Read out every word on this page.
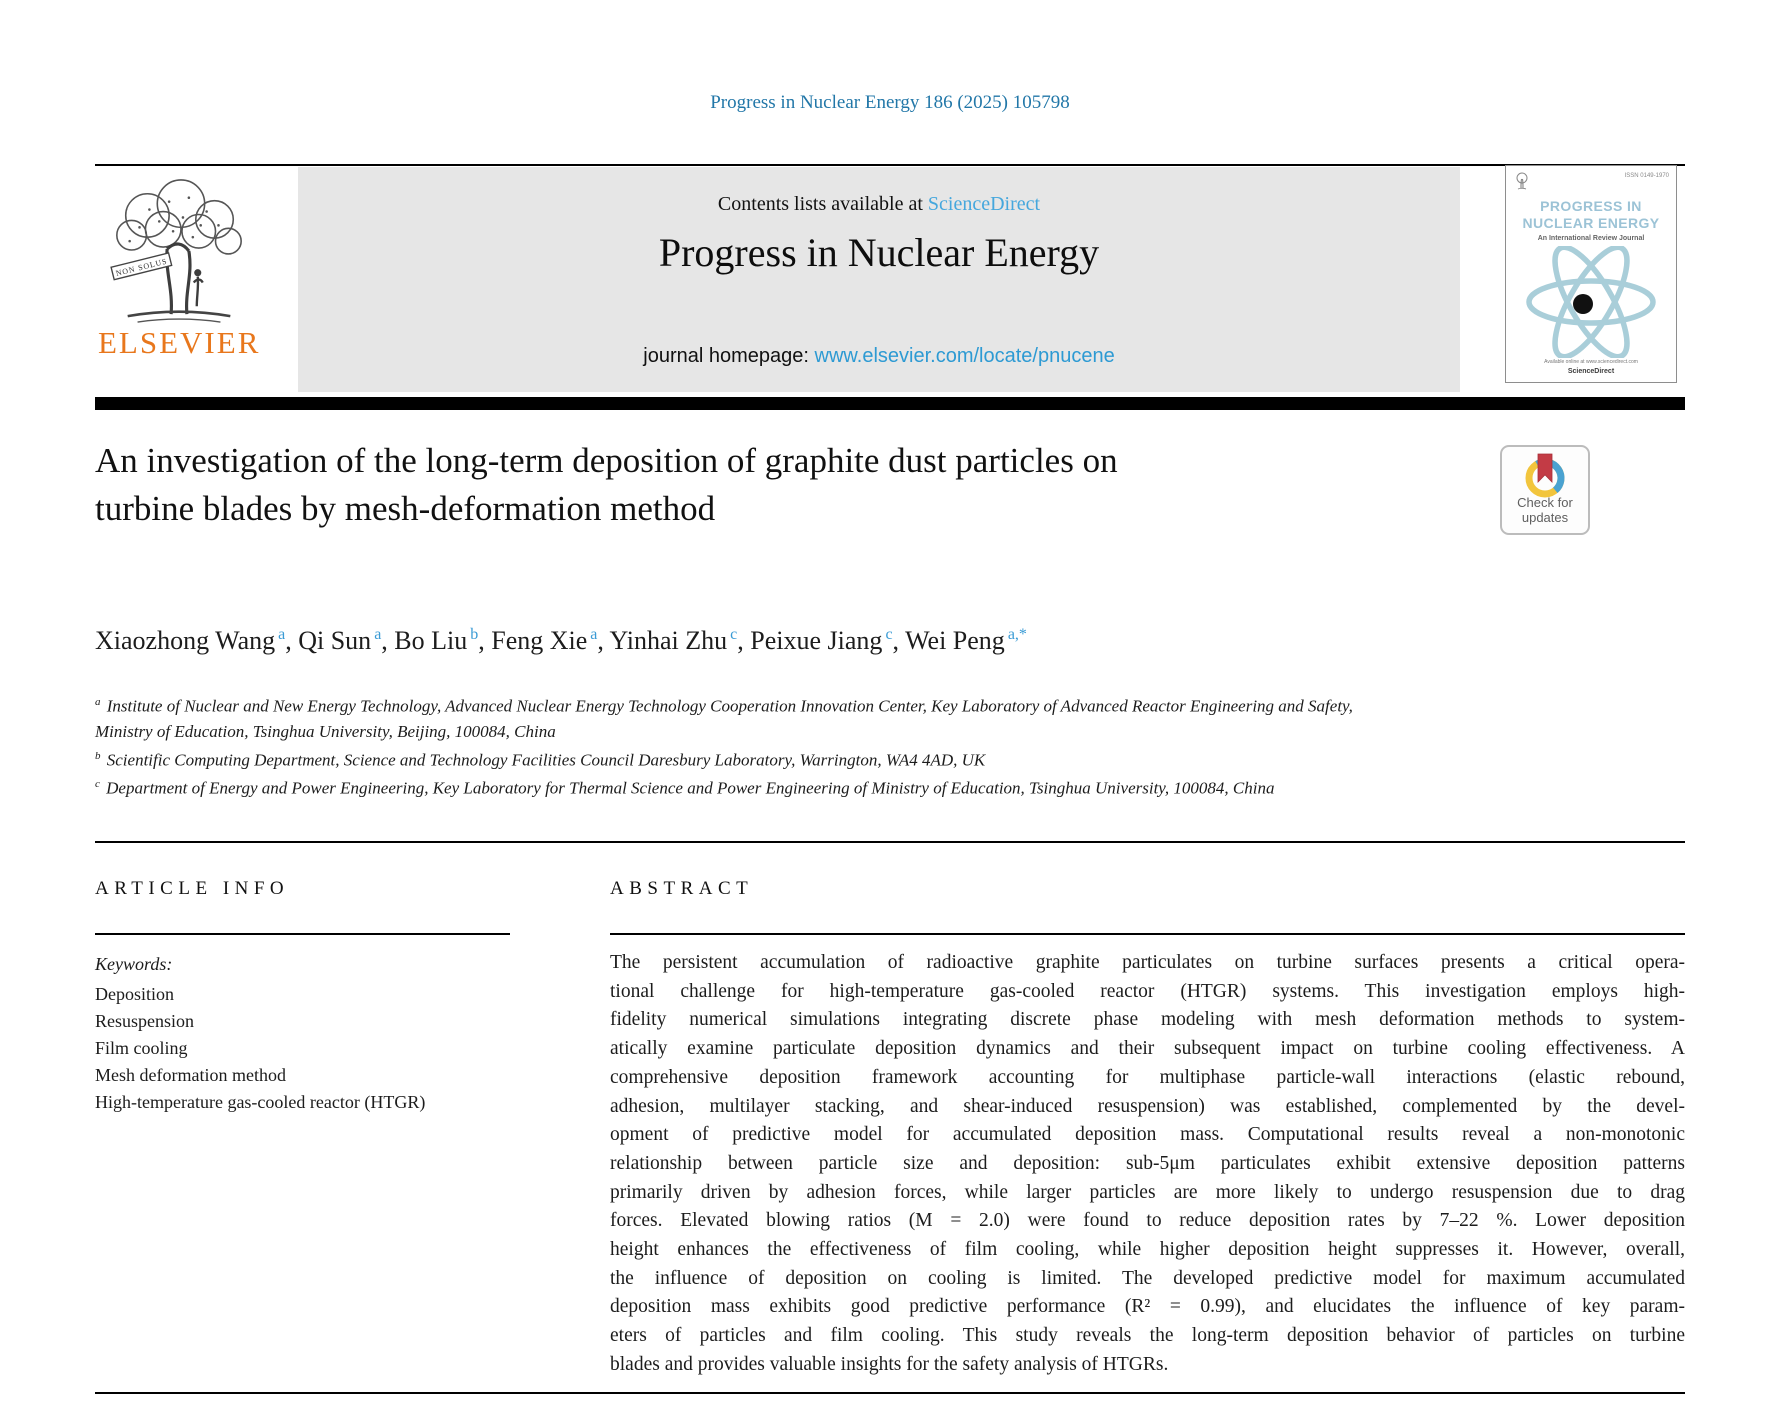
Progress in Nuclear Energy 186 (2025) 105798
NON SOLUS
ELSEVIER
Contents lists available at ScienceDirect
Progress in Nuclear Energy
journal homepage: www.elsevier.com/locate/pnucene
ISSN 0149-1970
PROGRESS IN
NUCLEAR ENERGY
An International Review Journal
Available online at www.sciencedirect.com
ScienceDirect
An investigation of the long-term deposition of graphite dust particles on
turbine blades by mesh-deformation method	Check for
updates
Xiaozhong Wang $^a$, Qi Sun $^a$, Bo Liu $^b$, Feng Xie $^a$, Yinhai Zhu $^c$, Peixue Jiang $^c$, Wei Peng $^{a,*}$
$^a$ Institute of Nuclear and New Energy Technology, Advanced Nuclear Energy Technology Cooperation Innovation Center, Key Laboratory of Advanced Reactor Engineering and Safety, Ministry of Education, Tsinghua University, Beijing, 100084, China
$^b$ Scientific Computing Department, Science and Technology Facilities Council Daresbury Laboratory, Warrington, WA4 4AD, UK
$^c$ Department of Energy and Power Engineering, Key Laboratory for Thermal Science and Power Engineering of Ministry of Education, Tsinghua University, 100084, China
ARTICLE INFO
Keywords:
Deposition
Resuspension
Film cooling
Mesh deformation method
High-temperature gas-cooled reactor (HTGR)
ABSTRACT
The persistent accumulation of radioactive graphite particulates on turbine surfaces presents a critical opera-
tional challenge for high-temperature gas-cooled reactor (HTGR) systems. This investigation employs high-
fidelity numerical simulations integrating discrete phase modeling with mesh deformation methods to system-
atically examine particulate deposition dynamics and their subsequent impact on turbine cooling effectiveness. A
comprehensive deposition framework accounting for multiphase particle-wall interactions (elastic rebound,
adhesion, multilayer stacking, and shear-induced resuspension) was established, complemented by the devel-
opment of predictive model for accumulated deposition mass. Computational results reveal a non-monotonic
relationship between particle size and deposition: sub-5μm particulates exhibit extensive deposition patterns
primarily driven by adhesion forces, while larger particles are more likely to undergo resuspension due to drag
forces. Elevated blowing ratios (M = 2.0) were found to reduce deposition rates by 7–22 %. Lower deposition
height enhances the effectiveness of film cooling, while higher deposition height suppresses it. However, overall,
the influence of deposition on cooling is limited. The developed predictive model for maximum accumulated
deposition mass exhibits good predictive performance (R² = 0.99), and elucidates the influence of key param-
eters of particles and film cooling. This study reveals the long-term deposition behavior of particles on turbine
blades and provides valuable insights for the safety analysis of HTGRs.
